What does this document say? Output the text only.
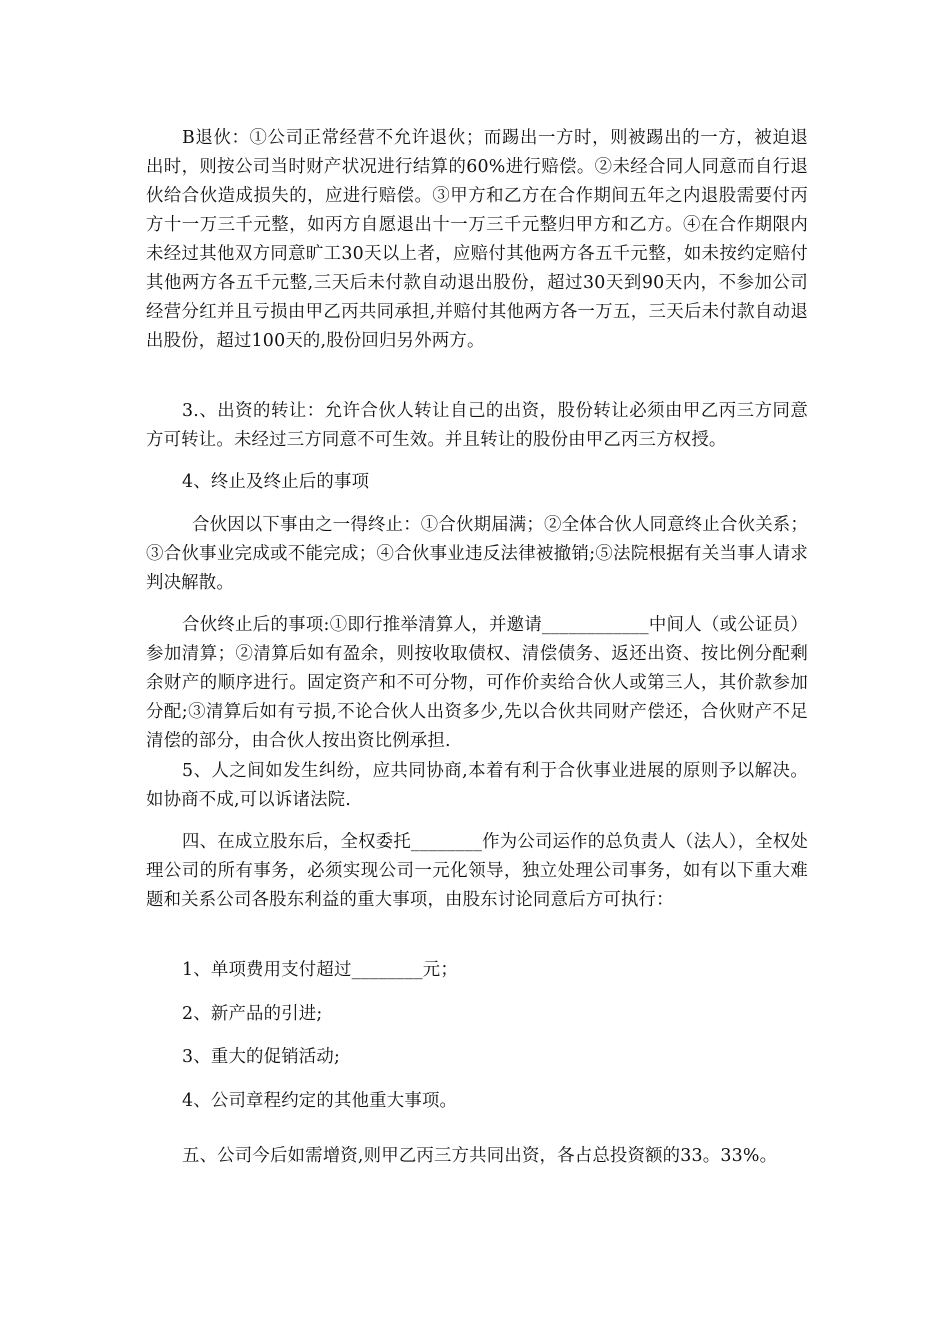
B退伙：①公司正常经营不允许退伙；而踢出一方时，则被踢出的一方，被迫退出时，则按公司当时财产状况进行结算的60%进行赔偿。②未经合同人同意而自行退伙给合伙造成损失的，应进行赔偿。③甲方和乙方在合作期间五年之内退股需要付丙方十一万三千元整，如丙方自愿退出十一万三千元整归甲方和乙方。④在合作期限内未经过其他双方同意旷工30天以上者，应赔付其他两方各五千元整，如未按约定赔付其他两方各五千元整,三天后未付款自动退出股份，超过30天到90天内，不参加公司经营分红并且亏损由甲乙丙共同承担,并赔付其他两方各一万五，三天后未付款自动退出股份，超过100天的,股份回归另外两方。

3.、出资的转让：允许合伙人转让自己的出资，股份转让必须由甲乙丙三方同意方可转让。未经过三方同意不可生效。并且转让的股份由甲乙丙三方权授。

4、终止及终止后的事项

合伙因以下事由之一得终止：①合伙期届满；②全体合伙人同意终止合伙关系；③合伙事业完成或不能完成；④合伙事业违反法律被撤销;⑤法院根据有关当事人请求判决解散。

合伙终止后的事项:①即行推举清算人，并邀请____________中间人（或公证员）参加清算；②清算后如有盈余，则按收取债权、清偿债务、返还出资、按比例分配剩余财产的顺序进行。固定资产和不可分物，可作价卖给合伙人或第三人，其价款参加分配;③清算后如有亏损,不论合伙人出资多少,先以合伙共同财产偿还，合伙财产不足清偿的部分，由合伙人按出资比例承担.

5、人之间如发生纠纷，应共同协商,本着有利于合伙事业进展的原则予以解决。如协商不成,可以诉诸法院.

四、在成立股东后，全权委托________作为公司运作的总负责人（法人），全权处理公司的所有事务，必须实现公司一元化领导，独立处理公司事务，如有以下重大难题和关系公司各股东利益的重大事项，由股东讨论同意后方可执行：

1、单项费用支付超过________元；

2、新产品的引进;

3、重大的促销活动;

4、公司章程约定的其他重大事项。

五、公司今后如需增资,则甲乙丙三方共同出资，各占总投资额的33。33%。
